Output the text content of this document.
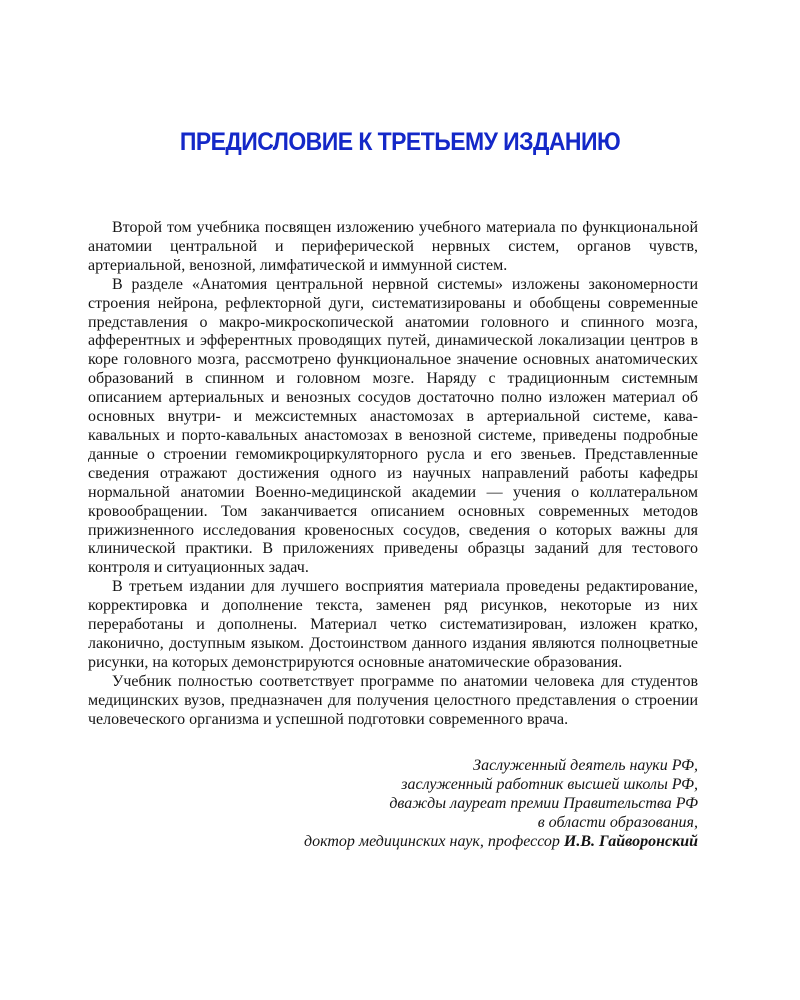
ПРЕДИСЛОВИЕ К ТРЕТЬЕМУ ИЗДАНИЮ

Второй том учебника посвящен изложению учебного материала по функциональной анатомии центральной и периферической нервных систем, органов чувств, артериальной, венозной, лимфатической и иммунной систем.

В разделе «Анатомия центральной нервной системы» изложены закономерности строения нейрона, рефлекторной дуги, систематизированы и обобщены современные представления о макро-микроскопической анатомии головного и спинного мозга, афферентных и эфферентных проводящих путей, динамической локализации центров в коре головного мозга, рассмотрено функциональное значение основных анатомических образований в спинном и головном мозге. Наряду с традиционным системным описанием артериальных и венозных сосудов достаточно полно изложен материал об основных внутри- и межсистемных анастомозах в артериальной системе, кава-кавальных и порто-кавальных анастомозах в венозной системе, приведены подробные данные о строении гемомикроциркуляторного русла и его звеньев. Представленные сведения отражают достижения одного из научных направлений работы кафедры нормальной анатомии Военно-медицинской академии — учения о коллатеральном кровообращении. Том заканчивается описанием основных современных методов прижизненного исследования кровеносных сосудов, сведения о которых важны для клинической практики. В приложениях приведены образцы заданий для тестового контроля и ситуационных задач.

В третьем издании для лучшего восприятия материала проведены редактирование, корректировка и дополнение текста, заменен ряд рисунков, некоторые из них переработаны и дополнены. Материал четко систематизирован, изложен кратко, лаконично, доступным языком. Достоинством данного издания являются полноцветные рисунки, на которых демонстрируются основные анатомические образования.

Учебник полностью соответствует программе по анатомии человека для студентов медицинских вузов, предназначен для получения целостного представления о строении человеческого организма и успешной подготовки современного врача.

Заслуженный деятель науки РФ,
заслуженный работник высшей школы РФ,
дважды лауреат премии Правительства РФ
в области образования,
доктор медицинских наук, профессор И.В. Гайворонский
